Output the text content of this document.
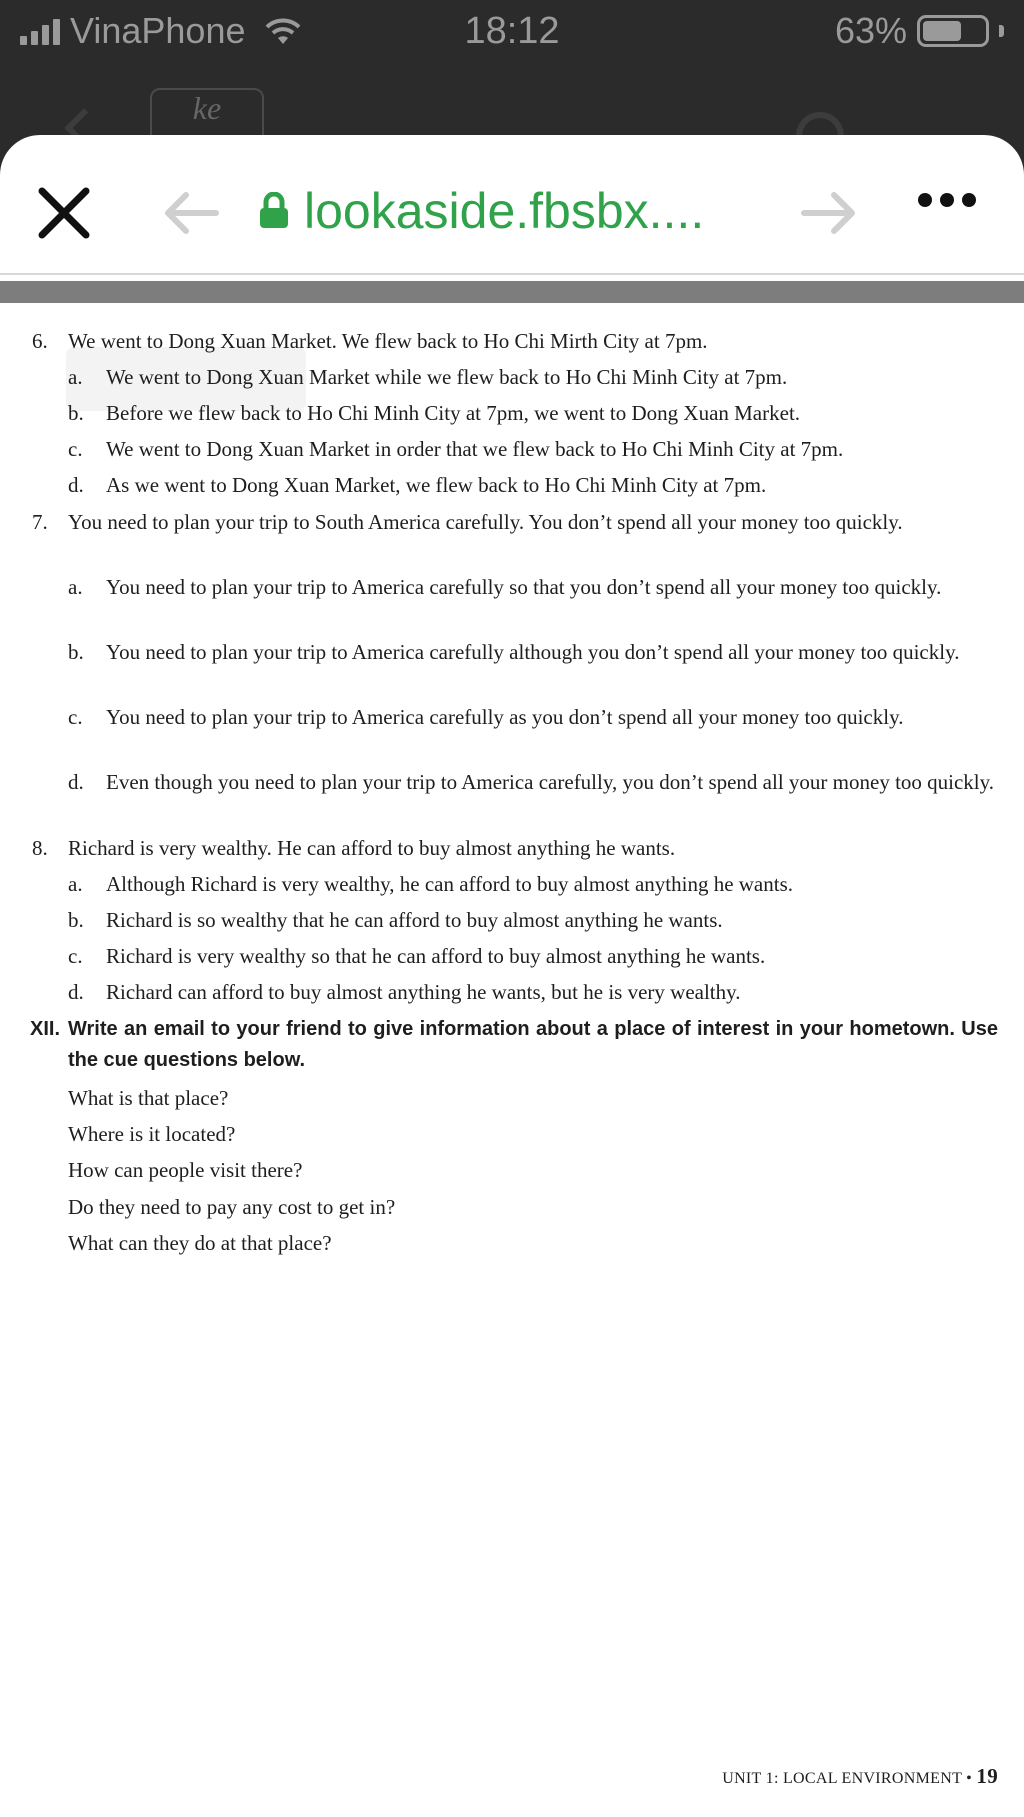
VinaPhone	18:12	63%
ke
lookaside.fbsbx....
6. We went to Dong Xuan Market. We flew back to Ho Chi Mirth City at 7pm.
a. We went to Dong Xuan Market while we flew back to Ho Chi Minh City at 7pm.
b. Before we flew back to Ho Chi Minh City at 7pm, we went to Dong Xuan Market.
c. We went to Dong Xuan Market in order that we flew back to Ho Chi Minh City at 7pm.
d. As we went to Dong Xuan Market, we flew back to Ho Chi Minh City at 7pm.
7. You need to plan your trip to South America carefully. You don’t spend all your money too quickly.
a. You need to plan your trip to America carefully so that you don’t spend all your money too quickly.
b. You need to plan your trip to America carefully although you don’t spend all your money too quickly.
c. You need to plan your trip to America carefully as you don’t spend all your money too quickly.
d. Even though you need to plan your trip to America carefully, you don’t spend all your money too quickly.
8. Richard is very wealthy. He can afford to buy almost anything he wants.
a. Although Richard is very wealthy, he can afford to buy almost anything he wants.
b. Richard is so wealthy that he can afford to buy almost anything he wants.
c. Richard is very wealthy so that he can afford to buy almost anything he wants.
d. Richard can afford to buy almost anything he wants, but he is very wealthy.
XII. Write an email to your friend to give information about a place of interest in your hometown. Use the cue questions below.
What is that place?
Where is it located?
How can people visit there?
Do they need to pay any cost to get in?
What can they do at that place?
UNIT 1: LOCAL ENVIRONMENT • 19
